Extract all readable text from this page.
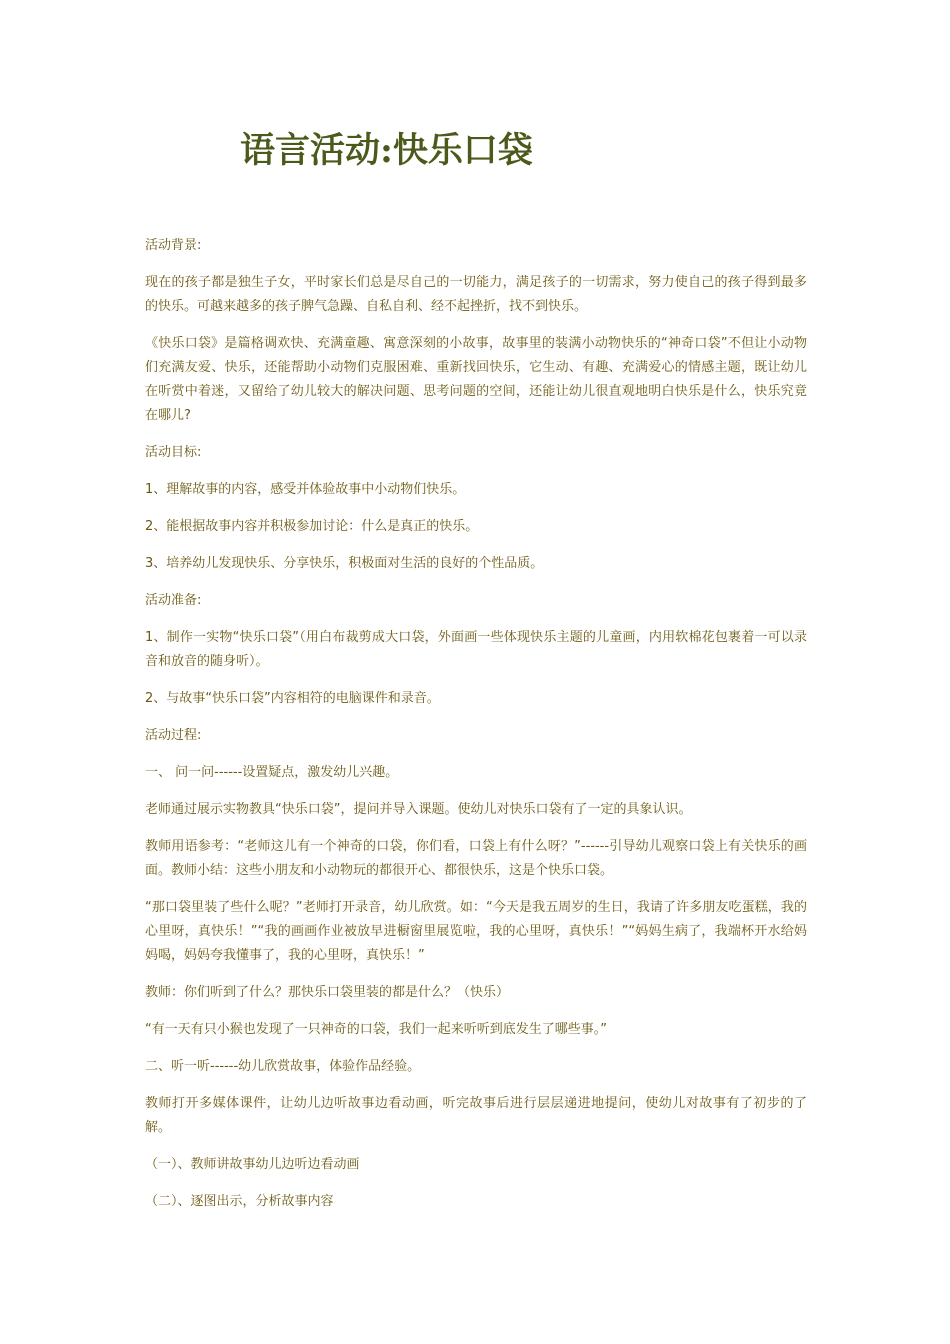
语言活动:快乐口袋

活动背景:

现在的孩子都是独生子女，平时家长们总是尽自己的一切能力，满足孩子的一切需求，努力使自己的孩子得到最多的快乐。可越来越多的孩子脾气急躁、自私自利、经不起挫折，找不到快乐。

《快乐口袋》是篇格调欢快、充满童趣、寓意深刻的小故事，故事里的装满小动物快乐的“神奇口袋”不但让小动物们充满友爱、快乐，还能帮助小动物们克服困难、重新找回快乐，它生动、有趣、充满爱心的情感主题，既让幼儿在听赏中着迷，又留给了幼儿较大的解决问题、思考问题的空间，还能让幼儿很直观地明白快乐是什么，快乐究竟在哪儿?

活动目标:

1、理解故事的内容，感受并体验故事中小动物们快乐。

2、能根据故事内容并积极参加讨论：什么是真正的快乐。

3、培养幼儿发现快乐、分享快乐，积极面对生活的良好的个性品质。

活动准备:

1、制作一实物“快乐口袋”（用白布裁剪成大口袋，外面画一些体现快乐主题的儿童画，内用软棉花包裹着一可以录音和放音的随身听）。

2、与故事“快乐口袋”内容相符的电脑课件和录音。

活动过程:

一、 问一问------设置疑点，激发幼儿兴趣。

老师通过展示实物教具“快乐口袋”，提问并导入课题。使幼儿对快乐口袋有了一定的具象认识。

教师用语参考：“老师这儿有一个神奇的口袋，你们看，口袋上有什么呀？”------引导幼儿观察口袋上有关快乐的画面。教师小结：这些小朋友和小动物玩的都很开心、都很快乐，这是个快乐口袋。

“那口袋里装了些什么呢？”老师打开录音，幼儿欣赏。如：“今天是我五周岁的生日，我请了许多朋友吃蛋糕，我的心里呀，真快乐！”“我的画画作业被放早进橱窗里展览啦，我的心里呀，真快乐！”“妈妈生病了，我端杯开水给妈妈喝，妈妈夸我懂事了，我的心里呀，真快乐！”

教师：你们听到了什么？那快乐口袋里装的都是什么？（快乐）

“有一天有只小猴也发现了一只神奇的口袋，我们一起来听听到底发生了哪些事。”

二、听一听------幼儿欣赏故事，体验作品经验。

教师打开多媒体课件，让幼儿边听故事边看动画，听完故事后进行层层递进地提问，使幼儿对故事有了初步的了解。

（一）、教师讲故事幼儿边听边看动画

（二）、逐图出示，分析故事内容
